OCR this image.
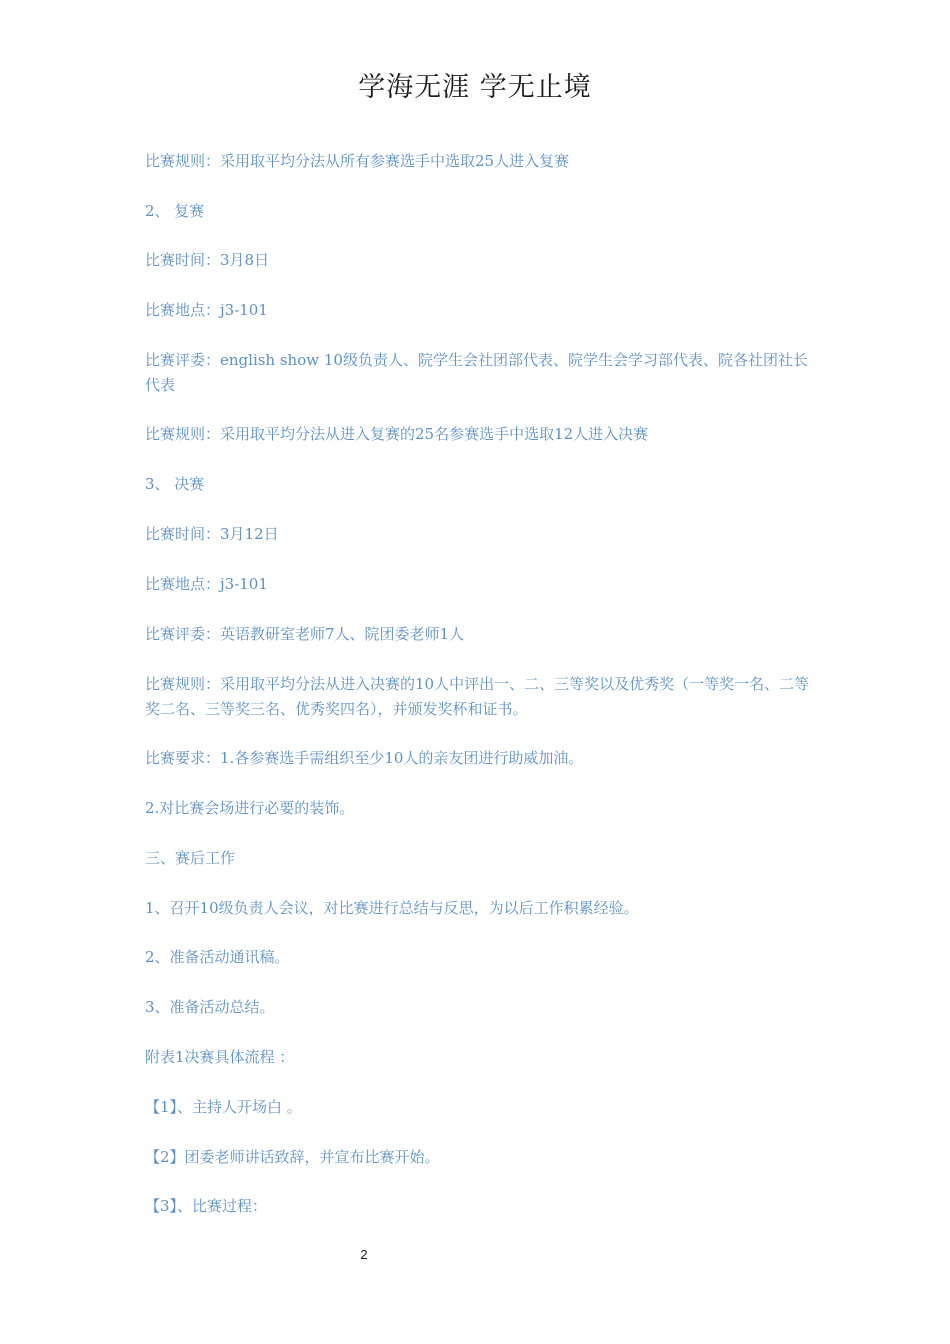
学海无涯 学无止境

比赛规则：采用取平均分法从所有参赛选手中选取25人进入复赛

2、 复赛

比赛时间：3月8日

比赛地点：j3-101

比赛评委：english show 10级负责人、院学生会社团部代表、院学生会学习部代表、院各社团社长代表

比赛规则：采用取平均分法从进入复赛的25名参赛选手中选取12人进入决赛

3、 决赛

比赛时间：3月12日

比赛地点：j3-101

比赛评委：英语教研室老师7人、院团委老师1人

比赛规则：采用取平均分法从进入决赛的10人中评出一、二、三等奖以及优秀奖（一等奖一名、二等奖二名、三等奖三名、优秀奖四名），并颁发奖杯和证书。

比赛要求：1.各参赛选手需组织至少10人的亲友团进行助威加油。

2.对比赛会场进行必要的装饰。

三、赛后工作

1、召开10级负责人会议，对比赛进行总结与反思，为以后工作积累经验。

2、准备活动通讯稿。

3、准备活动总结。

附表1决赛具体流程 ：

【1】、主持人开场白 。

【2】团委老师讲话致辞，并宣布比赛开始。

【3】、比赛过程：

2
